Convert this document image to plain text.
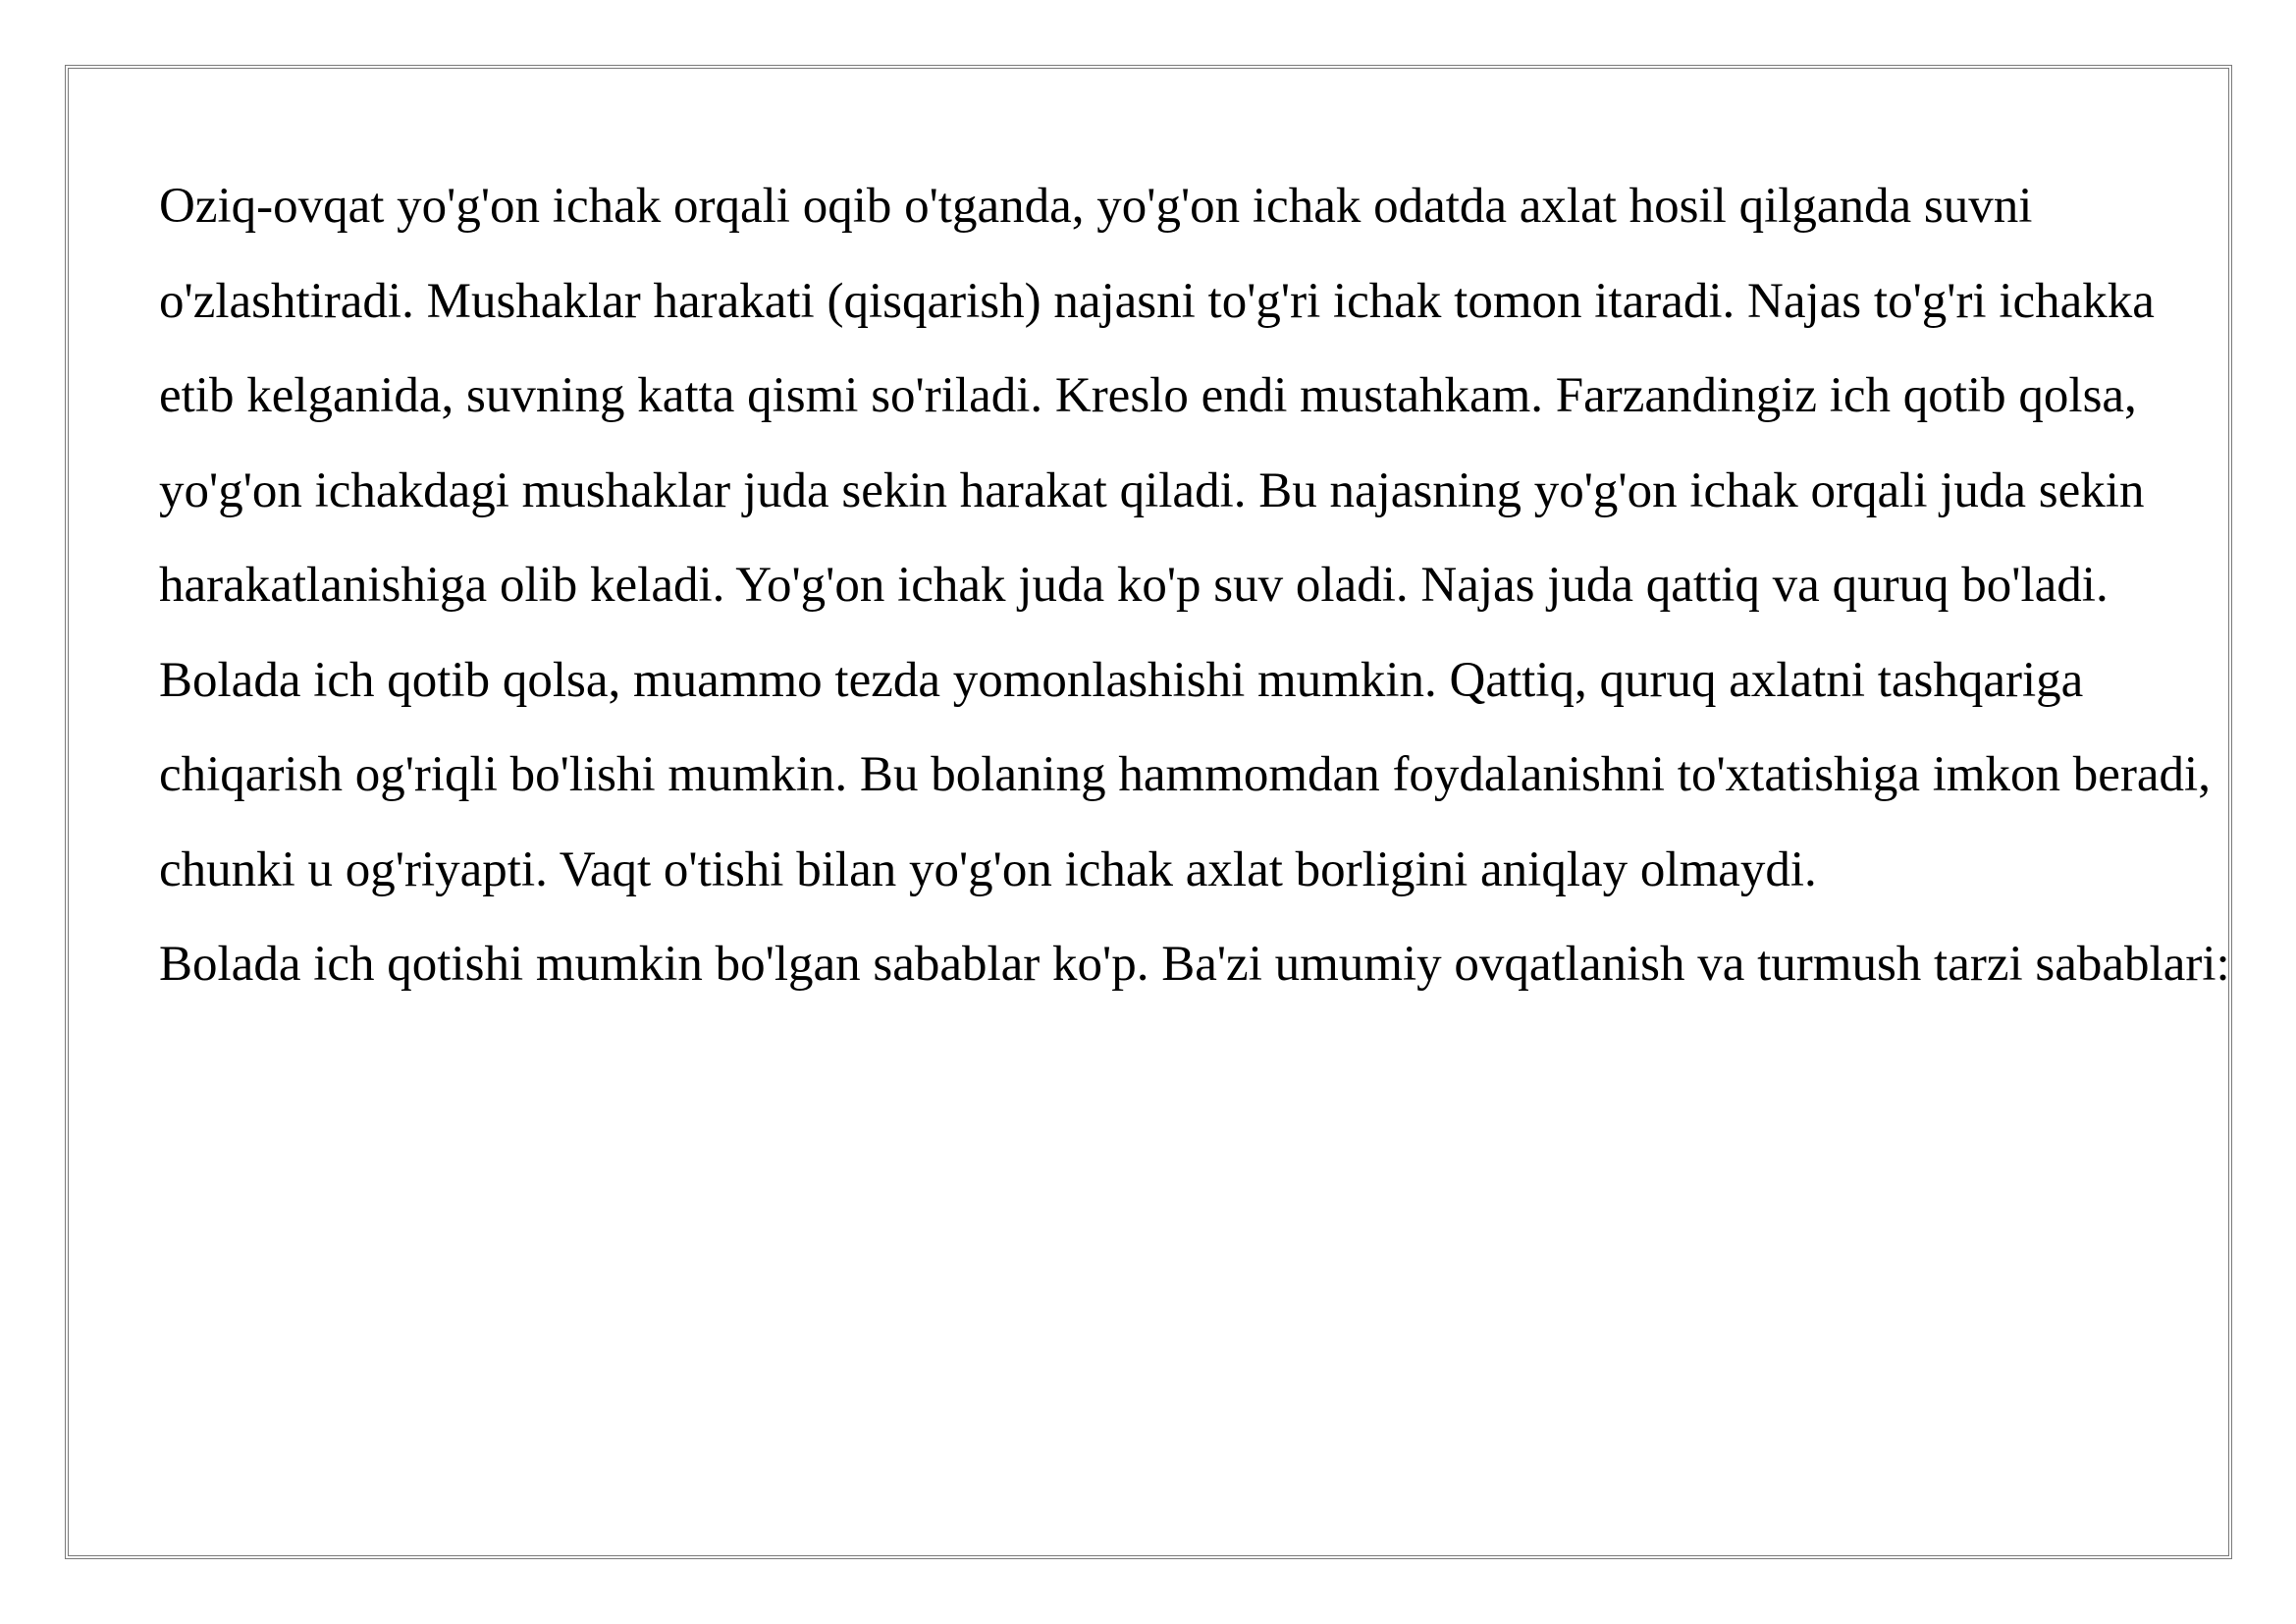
Oziq-ovqat yo'g'on ichak orqali oqib o'tganda, yo'g'on ichak odatda axlat hosil qilganda suvni o'zlashtiradi. Mushaklar harakati (qisqarish) najasni to'g'ri ichak tomon itaradi. Najas to'g'ri ichakka etib kelganida, suvning katta qismi so'riladi. Kreslo endi mustahkam. Farzandingiz ich qotib qolsa, yo'g'on ichakdagi mushaklar juda sekin harakat qiladi. Bu najasning yo'g'on ichak orqali juda sekin harakatlanishiga olib keladi. Yo'g'on ichak juda ko'p suv oladi. Najas juda qattiq va quruq bo'ladi.

Bolada ich qotib qolsa, muammo tezda yomonlashishi mumkin. Qattiq, quruq axlatni tashqariga chiqarish og'riqli bo'lishi mumkin. Bu bolaning hammomdan foydalanishni to'xtatishiga imkon beradi, chunki u og'riyapti. Vaqt o'tishi bilan yo'g'on ichak axlat borligini aniqlay olmaydi.

Bolada ich qotishi mumkin bo'lgan sabablar ko'p. Ba'zi umumiy ovqatlanish va turmush tarzi sabablari:
